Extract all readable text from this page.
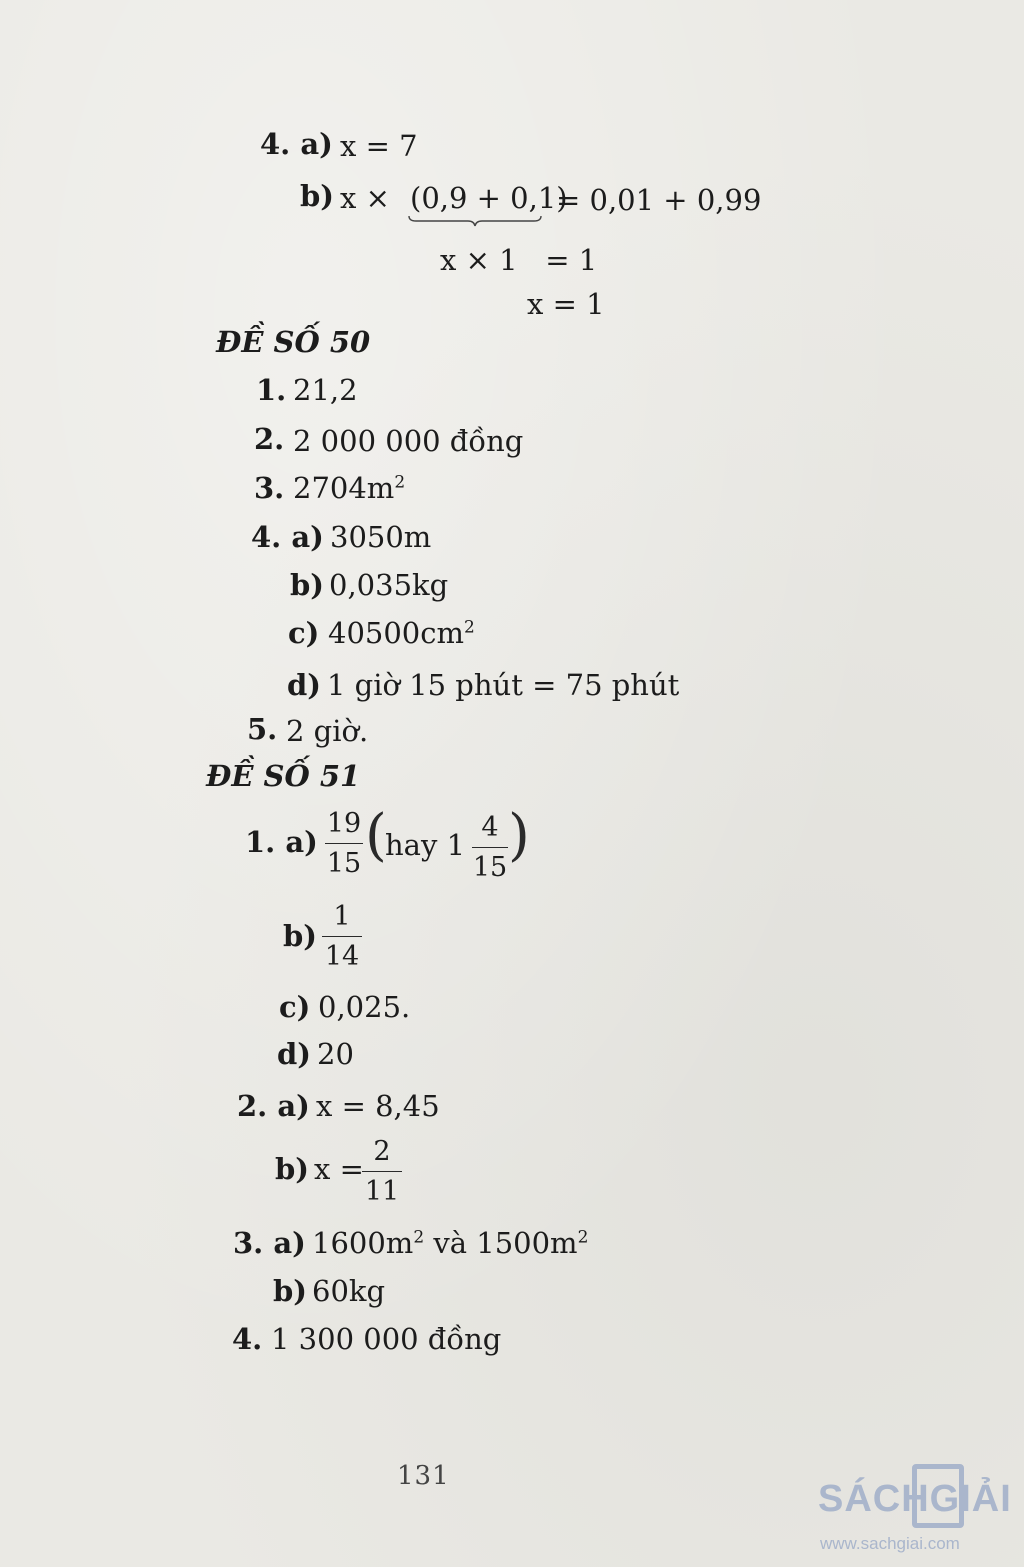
4. a) x = 7
b) x × (0,9 + 0,1)
= 0,01 + 0,99
x × 1   = 1
x = 1
ĐỀ SỐ 50
1. 21,2
2. 2 000 000 đồng
3. $2704m^2$
4. a) 3050m
b) 0,035kg
c) $40500cm^2$
d) 1 giờ 15 phút = 75 phút
5. 2 giờ.
ĐỀ SỐ 51
1. a)
19
15 (
hay 1
4
15 )
b)
1
14
c) 0,025.
d) 20
2. a) x = 8,45
b) x =
2
11
3. a) $1600m^2$ và $1500m^2$
b) 60kg
4. 1 300 000 đồng
131
SÁCHGIẢI
www.sachgiai.com
